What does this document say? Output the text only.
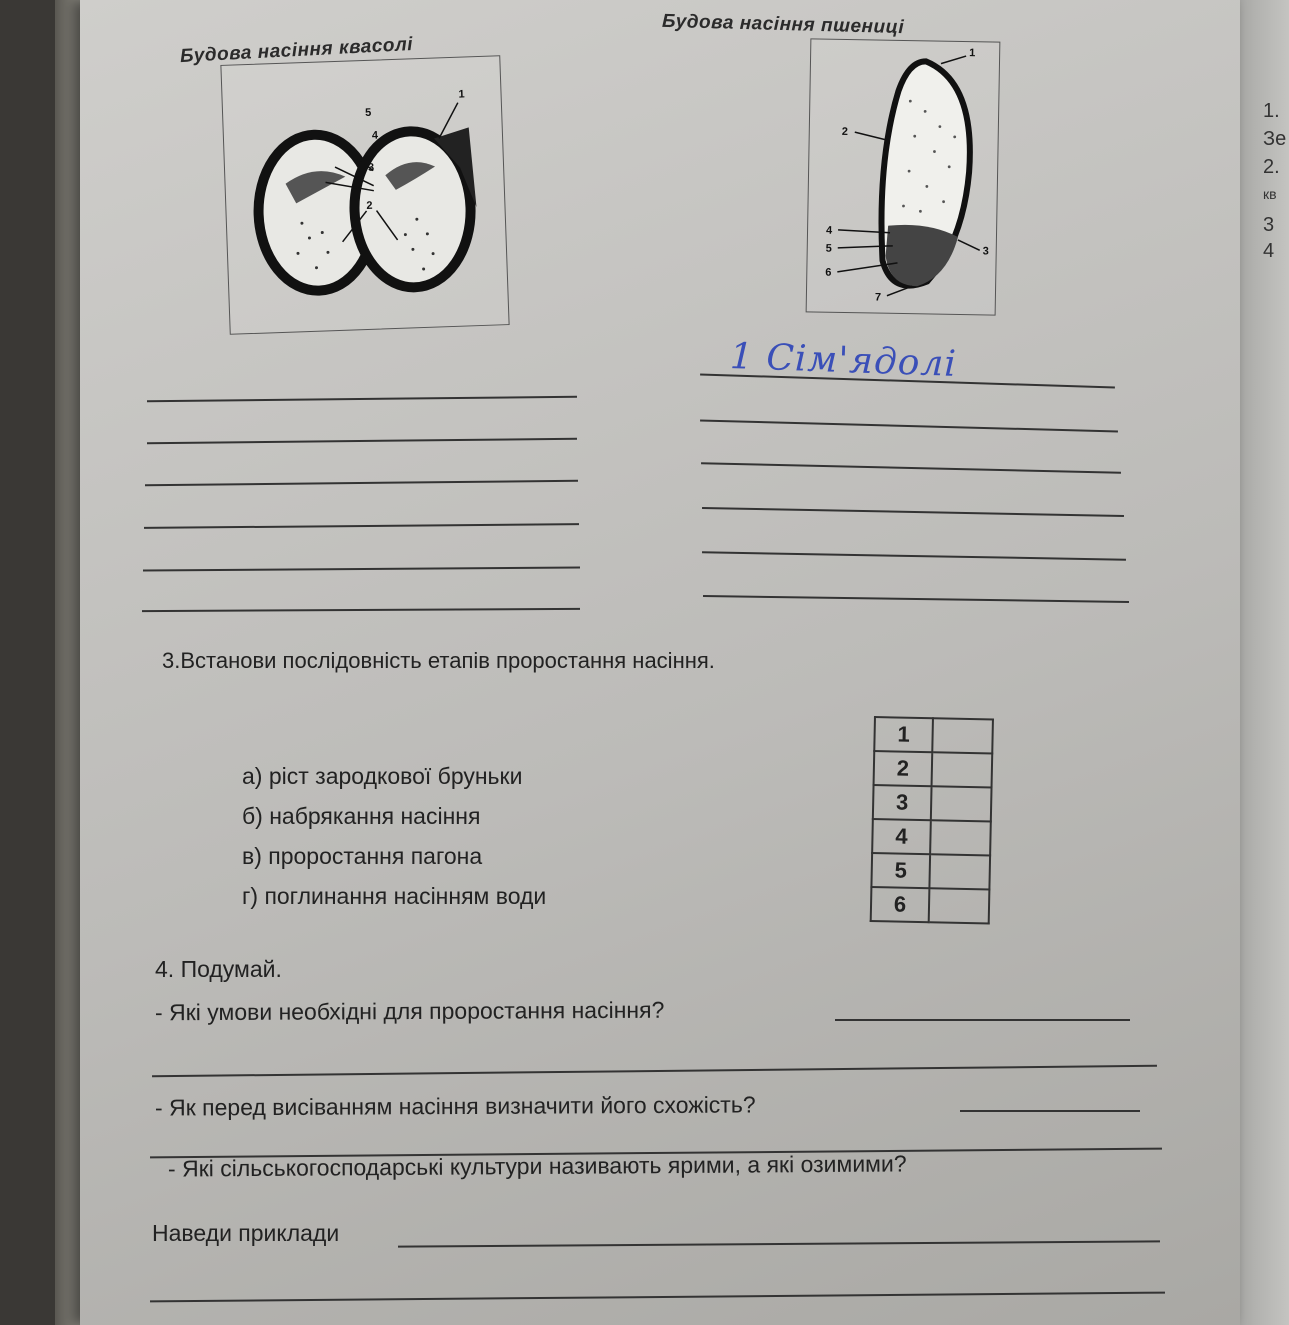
1.
Зе
2.
кв
3
4
Будова насіння квасолі
Будова насіння пшениці
1
2
3
4
5
1
2
3
4
5
6
7
1 Сім'ядолі
3.Встанови послідовність етапів проростання насіння.
а) ріст зародкової бруньки
б) набрякання насіння
в) проростання пагона
г) поглинання насінням води
1	
2	
3	
4	
5	
6	
4. Подумай.
- Які умови необхідні для проростання насіння?
- Як перед висіванням насіння визначити його схожість?
- Які сільськогосподарські культури називають ярими, а які озимими?
Наведи приклади
